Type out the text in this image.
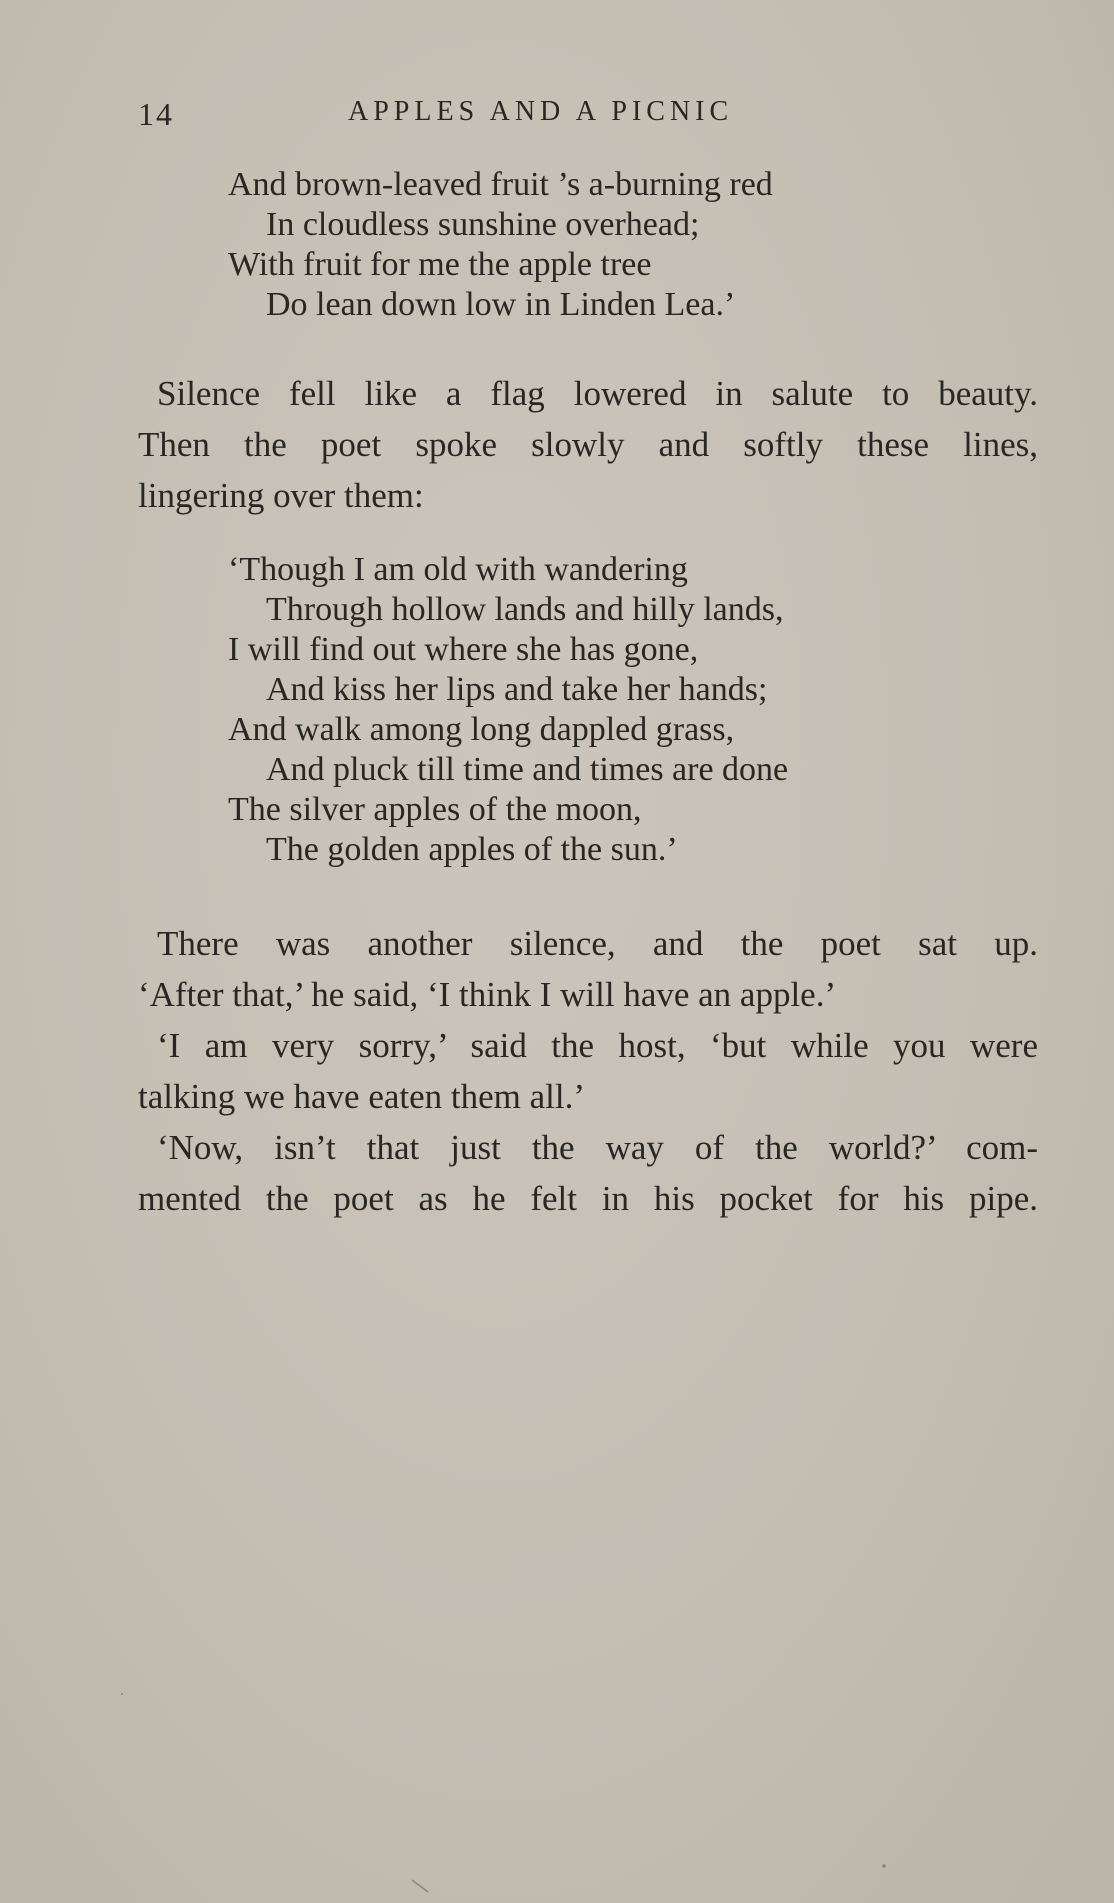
14	APPLES AND A PICNIC
And brown-leaved fruit ’s a-burning red
In cloudless sunshine overhead;
With fruit for me the apple tree
Do lean down low in Linden Lea.’
Silence fell like a flag lowered in salute to beauty.
Then the poet spoke slowly and softly these lines,
lingering over them:
‘Though I am old with wandering
Through hollow lands and hilly lands,
I will find out where she has gone,
And kiss her lips and take her hands;
And walk among long dappled grass,
And pluck till time and times are done
The silver apples of the moon,
The golden apples of the sun.’
There was another silence, and the poet sat up.
‘After that,’ he said, ‘I think I will have an apple.’
‘I am very sorry,’ said the host, ‘but while you were
talking we have eaten them all.’
‘Now, isn’t that just the way of the world?’ com-
mented the poet as he felt in his pocket for his pipe.
